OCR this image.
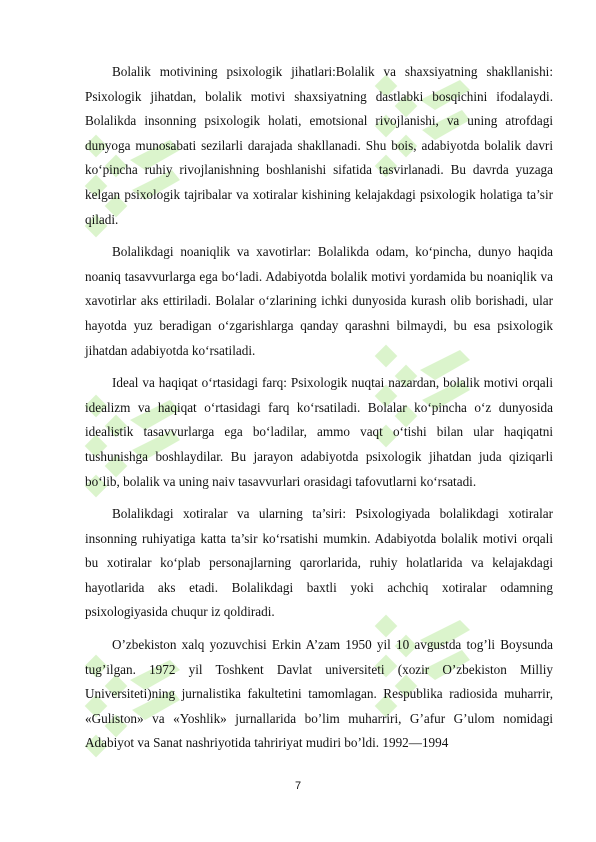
Bolalik motivining psixologik jihatlari:Bolalik va shaxsiyatning shakllanishi: Psixologik jihatdan, bolalik motivi shaxsiyatning dastlabki bosqichini ifodalaydi. Bolalikda insonning psixologik holati, emotsional rivojlanishi, va uning atrofdagi dunyoga munosabati sezilarli darajada shakllanadi. Shu bois, adabiyotda bolalik davri ko‘pincha ruhiy rivojlanishning boshlanishi sifatida tasvirlanadi. Bu davrda yuzaga kelgan psixologik tajribalar va xotiralar kishining kelajakdagi psixologik holatiga ta’sir qiladi.

Bolalikdagi noaniqlik va xavotirlar: Bolalikda odam, ko‘pincha, dunyo haqida noaniq tasavvurlarga ega bo‘ladi. Adabiyotda bolalik motivi yordamida bu noaniqlik va xavotirlar aks ettiriladi. Bolalar o‘zlarining ichki dunyosida kurash olib borishadi, ular hayotda yuz beradigan o‘zgarishlarga qanday qarashni bilmaydi, bu esa psixologik jihatdan adabiyotda ko‘rsatiladi.

Ideal va haqiqat o‘rtasidagi farq: Psixologik nuqtai nazardan, bolalik motivi orqali idealizm va haqiqat o‘rtasidagi farq ko‘rsatiladi. Bolalar ko‘pincha o‘z dunyosida idealistik tasavvurlarga ega bo‘ladilar, ammo vaqt o‘tishi bilan ular haqiqatni tushunishga boshlaydilar. Bu jarayon adabiyotda psixologik jihatdan juda qiziqarli bo‘lib, bolalik va uning naiv tasavvurlari orasidagi tafovutlarni ko‘rsatadi.

Bolalikdagi xotiralar va ularning ta’siri: Psixologiyada bolalikdagi xotiralar insonning ruhiyatiga katta ta’sir ko‘rsatishi mumkin. Adabiyotda bolalik motivi orqali bu xotiralar ko‘plab personajlarning qarorlarida, ruhiy holatlarida va kelajakdagi hayotlarida aks etadi. Bolalikdagi baxtli yoki achchiq xotiralar odamning psixologiyasida chuqur iz qoldiradi.

O’zbekiston xalq yozuvchisi Erkin A’zam 1950 yil 10 avgustda tog’li Boysunda tug’ilgan. 1972 yil Toshkent Davlat universiteti (xozir O’zbekiston Milliy Universiteti)ning jurnalistika fakultetini tamomlagan. Respublika radiosida muharrir, «Guliston» va «Yoshlik» jurnallarida bo’lim muharriri, G’afur G’ulom nomidagi Adabiyot va Sanat nashriyotida tahririyat mudiri bo’ldi. 1992—1994

7
